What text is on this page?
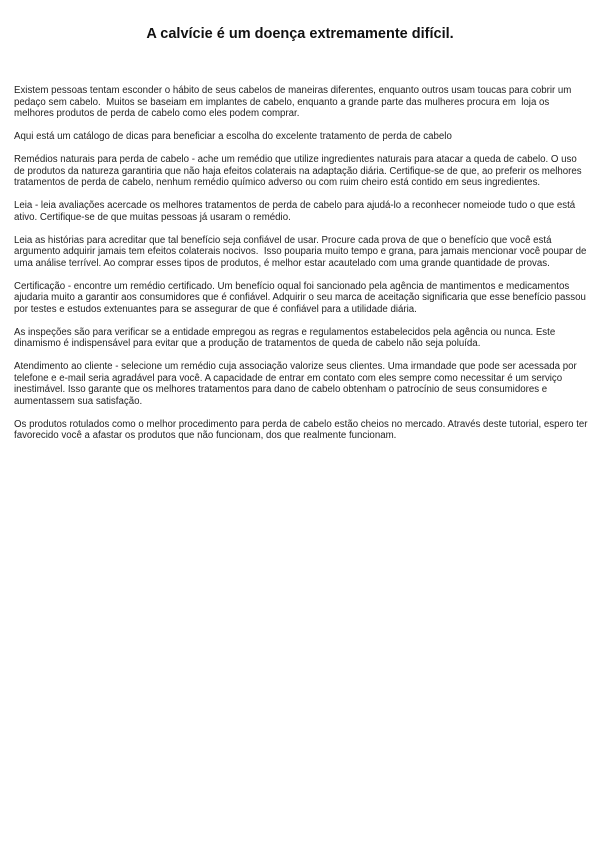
A calvície é um doença extremamente difícil.

Existem pessoas tentam esconder o hábito de seus cabelos de maneiras diferentes, enquanto outros usam toucas para cobrir um pedaço sem cabelo.  Muitos se baseiam em implantes de cabelo, enquanto a grande parte das mulheres procura em  loja os melhores produtos de perda de cabelo como eles podem comprar.

Aqui está um catálogo de dicas para beneficiar a escolha do excelente tratamento de perda de cabelo

Remédios naturais para perda de cabelo - ache um remédio que utilize ingredientes naturais para atacar a queda de cabelo. O uso de produtos da natureza garantiria que não haja efeitos colaterais na adaptação diária. Certifique-se de que, ao preferir os melhores tratamentos de perda de cabelo, nenhum remédio químico adverso ou com ruim cheiro está contido em seus ingredientes.

Leia - leia avaliações acercade os melhores tratamentos de perda de cabelo para ajudá-lo a reconhecer nomeiode tudo o que está ativo. Certifique-se de que muitas pessoas já usaram o remédio.

Leia as histórias para acreditar que tal benefício seja confiável de usar. Procure cada prova de que o benefício que você está argumento adquirir jamais tem efeitos colaterais nocivos.  Isso pouparia muito tempo e grana, para jamais mencionar você poupar de uma análise terrível. Ao comprar esses tipos de produtos, é melhor estar acautelado com uma grande quantidade de provas.

Certificação - encontre um remédio certificado. Um benefício oqual foi sancionado pela agência de mantimentos e medicamentos ajudaria muito a garantir aos consumidores que é confiável. Adquirir o seu marca de aceitação significaria que esse benefício passou por testes e estudos extenuantes para se assegurar de que é confiável para a utilidade diária.

As inspeções são para verificar se a entidade empregou as regras e regulamentos estabelecidos pela agência ou nunca. Este dinamismo é indispensável para evitar que a produção de tratamentos de queda de cabelo não seja poluída.

Atendimento ao cliente - selecione um remédio cuja associação valorize seus clientes. Uma irmandade que pode ser acessada por telefone e e-mail seria agradável para você. A capacidade de entrar em contato com eles sempre como necessitar é um serviço inestimável. Isso garante que os melhores tratamentos para dano de cabelo obtenham o patrocínio de seus consumidores e aumentassem sua satisfação.

Os produtos rotulados como o melhor procedimento para perda de cabelo estão cheios no mercado. Através deste tutorial, espero ter favorecido você a afastar os produtos que não funcionam, dos que realmente funcionam.
